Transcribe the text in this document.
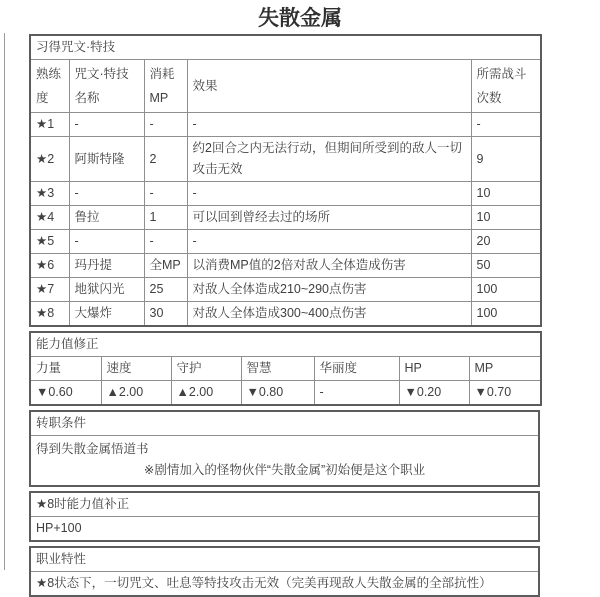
失散金属
习得咒文·特技				
熟练度	咒文·特技名称	消耗MP	效果	所需战斗次数
★1	-	-	-	-
★2	阿斯特隆	2	约2回合之内无法行动，但期间所受到的敌人一切攻击无效	9
★3	-	-	-	10
★4	鲁拉	1	可以回到曾经去过的场所	10
★5	-	-	-	20
★6	玛丹提	全MP	以消费MP值的2倍对敌人全体造成伤害	50
★7	地狱闪光	25	对敌人全体造成210~290点伤害	100
★8	大爆炸	30	对敌人全体造成300~400点伤害	100
能力值修正						
力量	速度	守护	智慧	华丽度	HP	MP
▼0.60	▲2.00	▲2.00	▼0.80	-	▼0.20	▼0.70
转职条件

得到失散金属悟道书
※剧情加入的怪物伙伴“失散金属”初始便是这个职业
★8时能力值补正
HP+100
职业特性
★8状态下，一切咒文、吐息等特技攻击无效（完美再现敌人失散金属的全部抗性）
